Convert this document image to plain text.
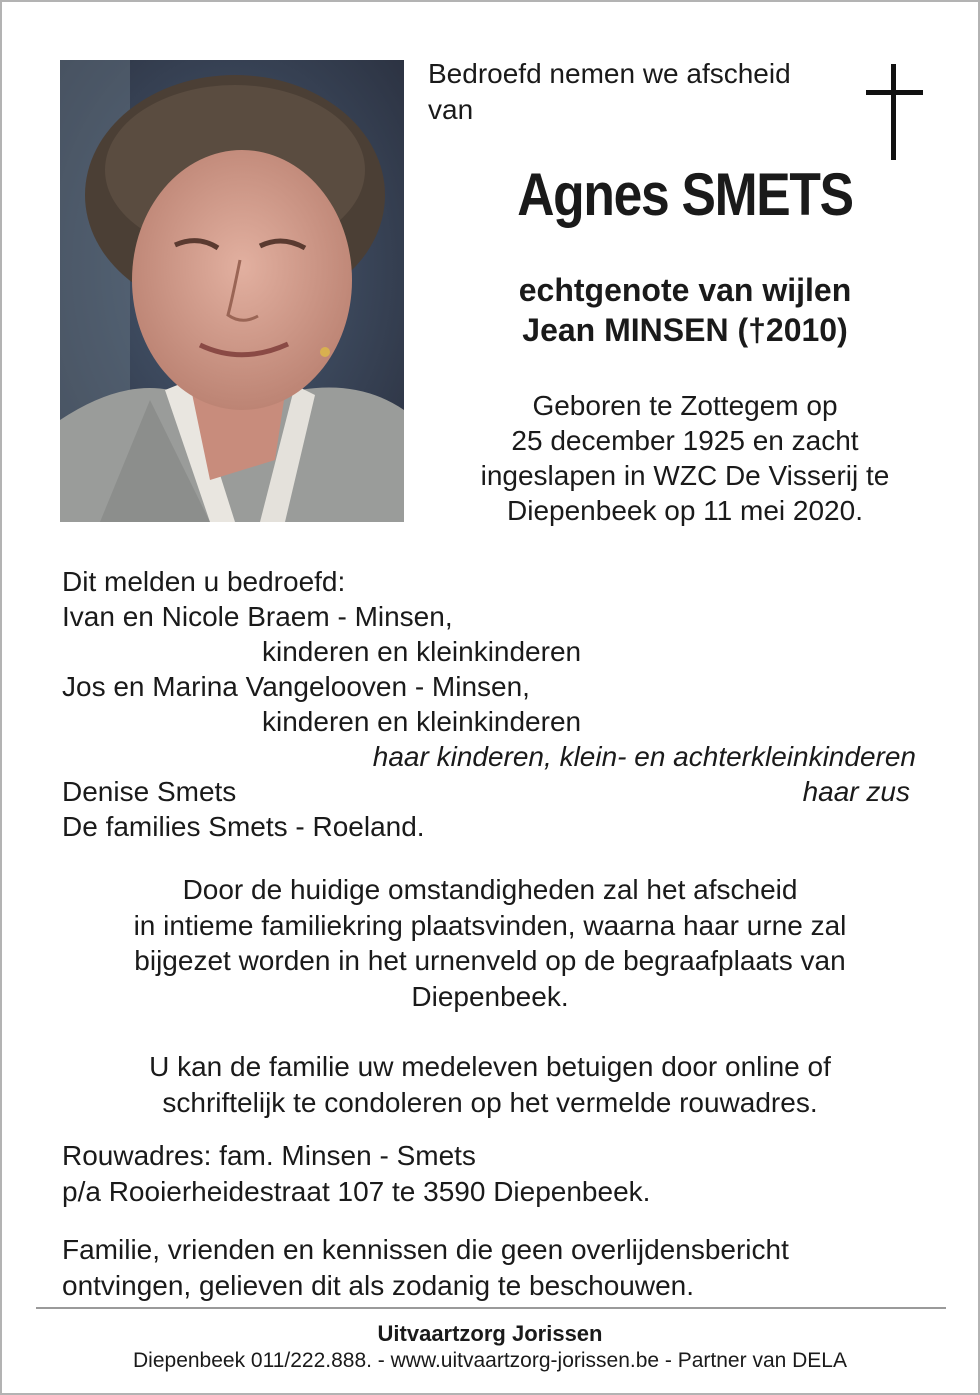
Bedroefd nemen we afscheid
van
Agnes SMETS
echtgenote van wijlen
Jean MINSEN (†2010)
Geboren te Zottegem op
25 december 1925 en zacht
ingeslapen in WZC De Visserij te
Diepenbeek op 11 mei 2020.
Dit melden u bedroefd:
Ivan en Nicole Braem - Minsen,
kinderen en kleinkinderen
Jos en Marina Vangelooven - Minsen,
kinderen en kleinkinderen
haar kinderen, klein- en achterkleinkinderen
Denise Smets	haar zus
De families Smets - Roeland.
Door de huidige omstandigheden zal het afscheid
in intieme familiekring plaatsvinden, waarna haar urne zal
bijgezet worden in het urnenveld op de begraafplaats van
Diepenbeek.
U kan de familie uw medeleven betuigen door online of
schriftelijk te condoleren op het vermelde rouwadres.
Rouwadres: fam. Minsen - Smets
p/a Rooierheidestraat 107 te 3590 Diepenbeek.
Familie, vrienden en kennissen die geen overlijdensbericht
ontvingen, gelieven dit als zodanig te beschouwen.
Uitvaartzorg Jorissen
Diepenbeek 011/222.888. - www.uitvaartzorg-jorissen.be - Partner van DELA
